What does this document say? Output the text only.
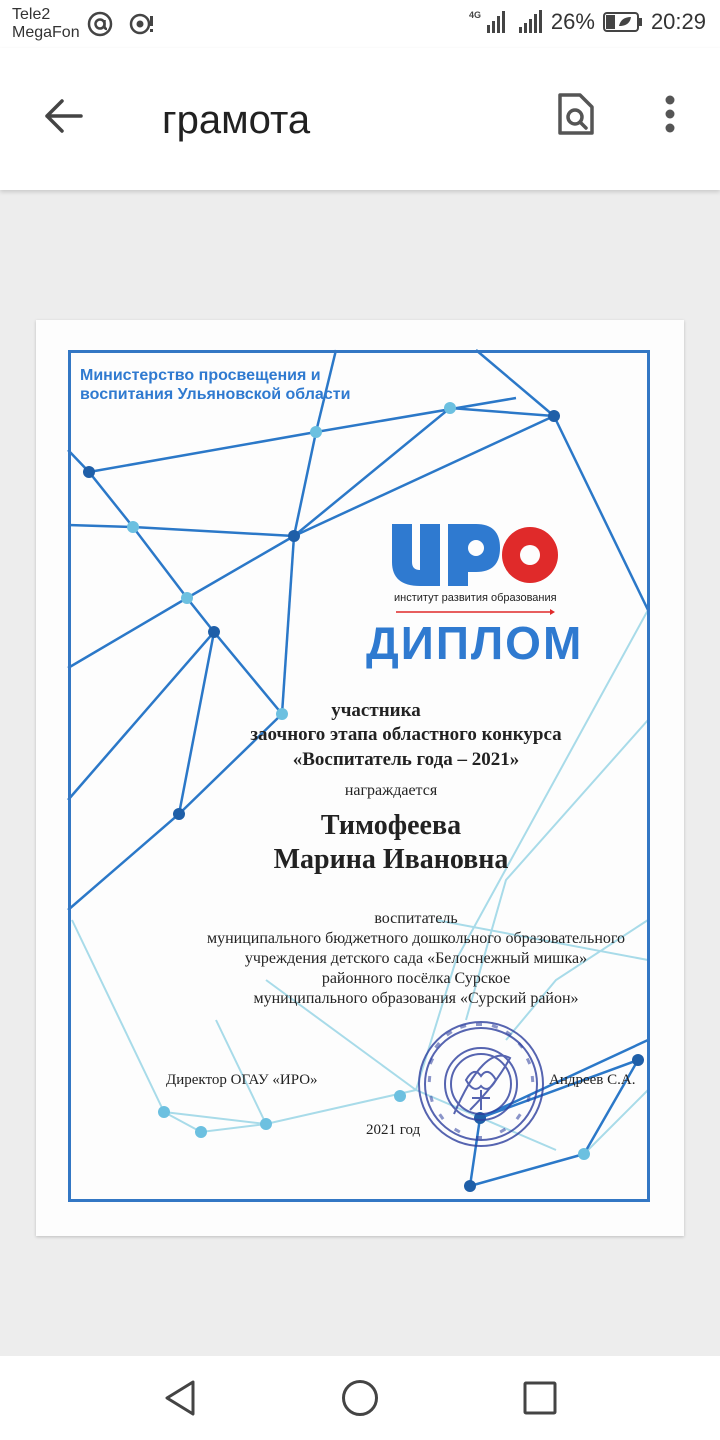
Tele2
MegaFon
4G	26%	20:29
грамота
Министерство просвещения и воспитания Ульяновской области
институт развития образования
ДИПЛОМ
участника
заочного этапа областного конкурса
«Воспитатель года – 2021»
награждается
Тимофеева
Марина Ивановна
воспитатель
муниципального бюджетного дошкольного образовательного
учреждения детского сада «Белоснежный мишка»
районного посёлка Сурское
муниципального образования «Сурский район»
Директор ОГАУ «ИРО»	Андреев С.А.
2021 год
